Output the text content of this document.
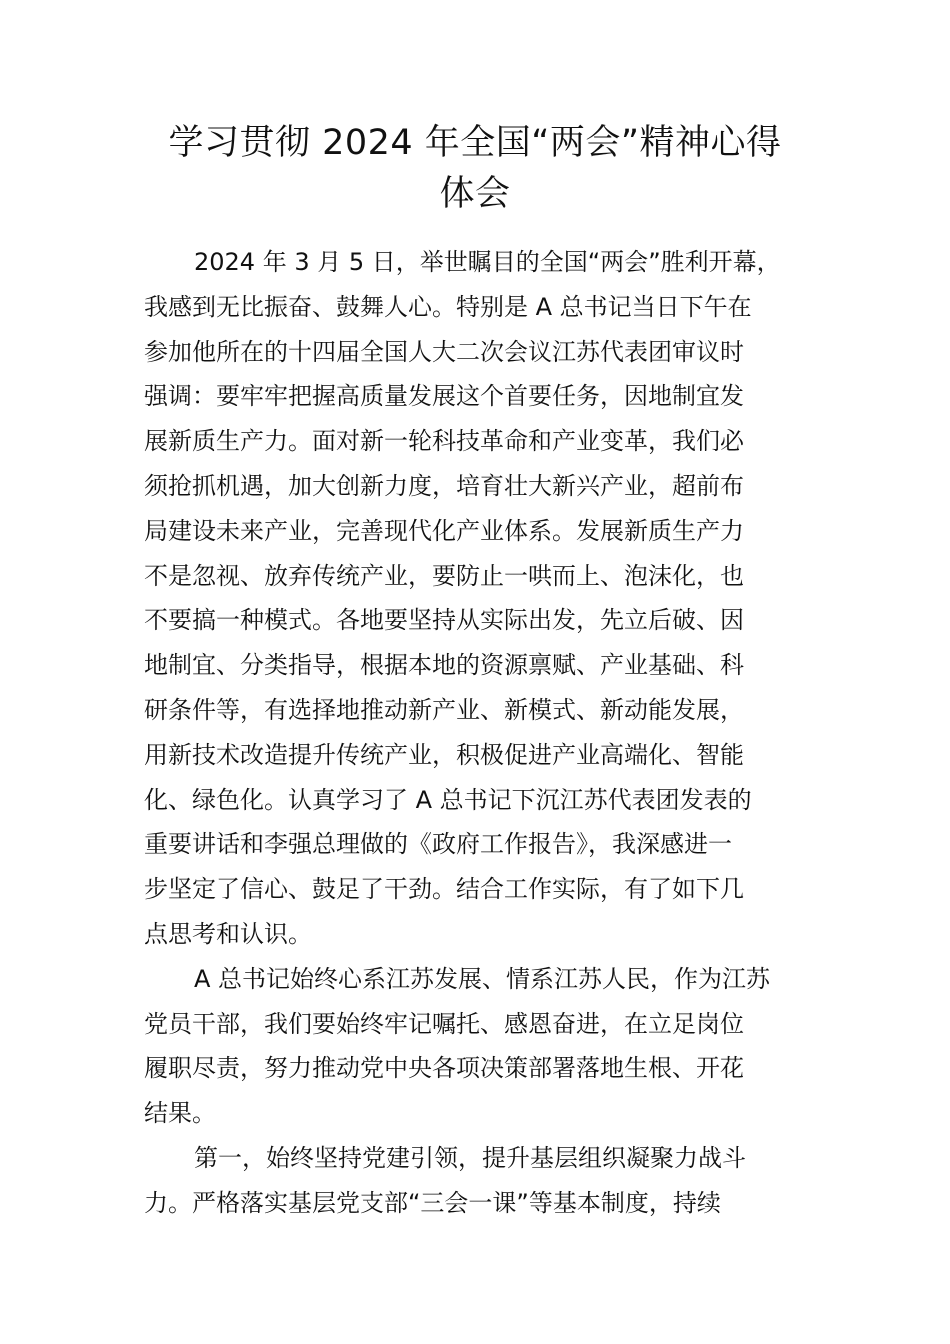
学习贯彻 2024 年全国“两会”精神心得
体会

2024 年 3 月 5 日，举世瞩目的全国“两会”胜利开幕，
我感到无比振奋、鼓舞人心。特别是 A 总书记当日下午在
参加他所在的十四届全国人大二次会议江苏代表团审议时
强调：要牢牢把握高质量发展这个首要任务，因地制宜发
展新质生产力。面对新一轮科技革命和产业变革，我们必
须抢抓机遇，加大创新力度，培育壮大新兴产业，超前布
局建设未来产业，完善现代化产业体系。发展新质生产力
不是忽视、放弃传统产业，要防止一哄而上、泡沫化，也
不要搞一种模式。各地要坚持从实际出发，先立后破、因
地制宜、分类指导，根据本地的资源禀赋、产业基础、科
研条件等，有选择地推动新产业、新模式、新动能发展，
用新技术改造提升传统产业，积极促进产业高端化、智能
化、绿色化。认真学习了 A 总书记下沉江苏代表团发表的
重要讲话和李强总理做的《政府工作报告》，我深感进一
步坚定了信心、鼓足了干劲。结合工作实际，有了如下几
点思考和认识。

A 总书记始终心系江苏发展、情系江苏人民，作为江苏
党员干部，我们要始终牢记嘱托、感恩奋进，在立足岗位
履职尽责，努力推动党中央各项决策部署落地生根、开花
结果。

第一，始终坚持党建引领，提升基层组织凝聚力战斗
力。严格落实基层党支部“三会一课”等基本制度，持续
